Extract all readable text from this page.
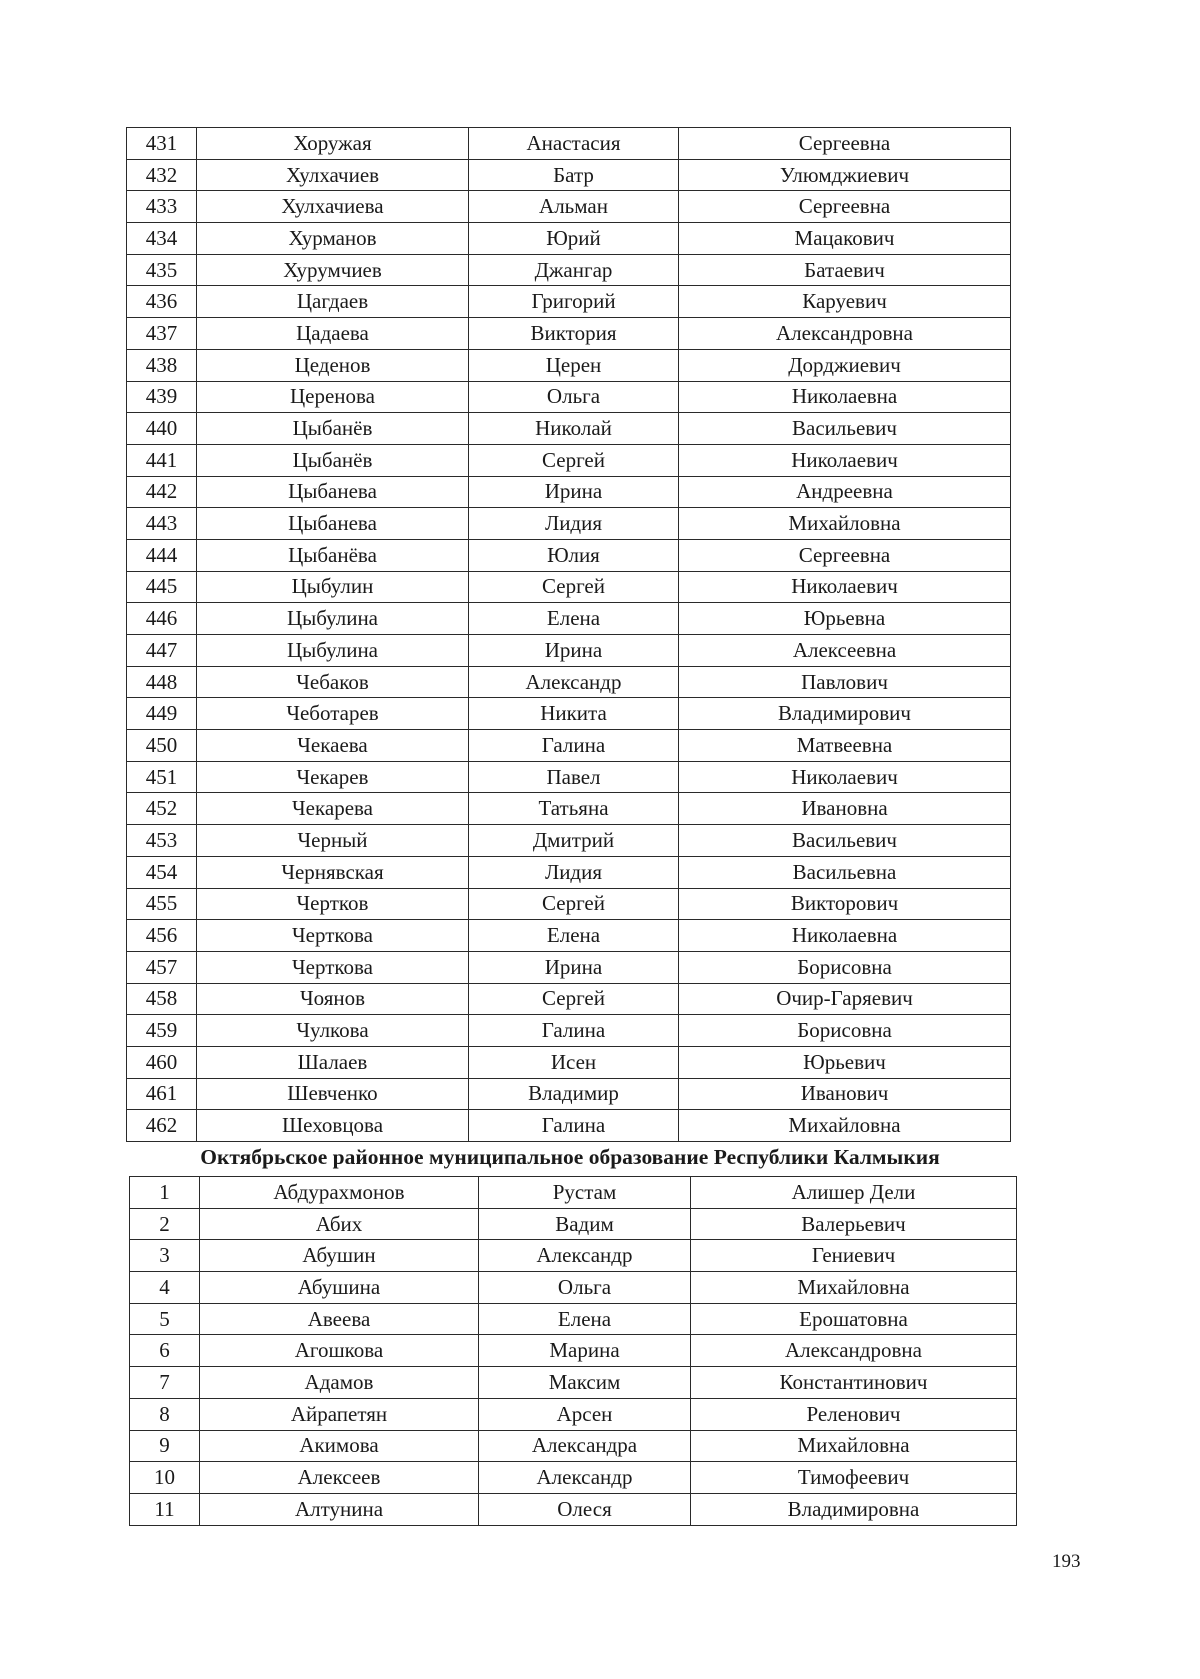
431	Хоружая	Анастасия	Сергеевна
432	Хулхачиев	Батр	Улюмджиевич
433	Хулхачиева	Альман	Сергеевна
434	Хурманов	Юрий	Мацакович
435	Хурумчиев	Джангар	Батаевич
436	Цагдаев	Григорий	Каруевич
437	Цадаева	Виктория	Александровна
438	Цеденов	Церен	Дорджиевич
439	Церенова	Ольга	Николаевна
440	Цыбанёв	Николай	Васильевич
441	Цыбанёв	Сергей	Николаевич
442	Цыбанева	Ирина	Андреевна
443	Цыбанева	Лидия	Михайловна
444	Цыбанёва	Юлия	Сергеевна
445	Цыбулин	Сергей	Николаевич
446	Цыбулина	Елена	Юрьевна
447	Цыбулина	Ирина	Алексеевна
448	Чебаков	Александр	Павлович
449	Чеботарев	Никита	Владимирович
450	Чекаева	Галина	Матвеевна
451	Чекарев	Павел	Николаевич
452	Чекарева	Татьяна	Ивановна
453	Черный	Дмитрий	Васильевич
454	Чернявская	Лидия	Васильевна
455	Чертков	Сергей	Викторович
456	Черткова	Елена	Николаевна
457	Черткова	Ирина	Борисовна
458	Чоянов	Сергей	Очир-Гаряевич
459	Чулкова	Галина	Борисовна
460	Шалаев	Исен	Юрьевич
461	Шевченко	Владимир	Иванович
462	Шеховцова	Галина	Михайловна
Октябрьское районное муниципальное образование Республики Калмыкия
1	Абдурахмонов	Рустам	Алишер Дели
2	Абих	Вадим	Валерьевич
3	Абушин	Александр	Гениевич
4	Абушина	Ольга	Михайловна
5	Авеева	Елена	Ерошатовна
6	Агошкова	Марина	Александровна
7	Адамов	Максим	Константинович
8	Айрапетян	Арсен	Реленович
9	Акимова	Александра	Михайловна
10	Алексеев	Александр	Тимофеевич
11	Алтунина	Олеся	Владимировна
193
